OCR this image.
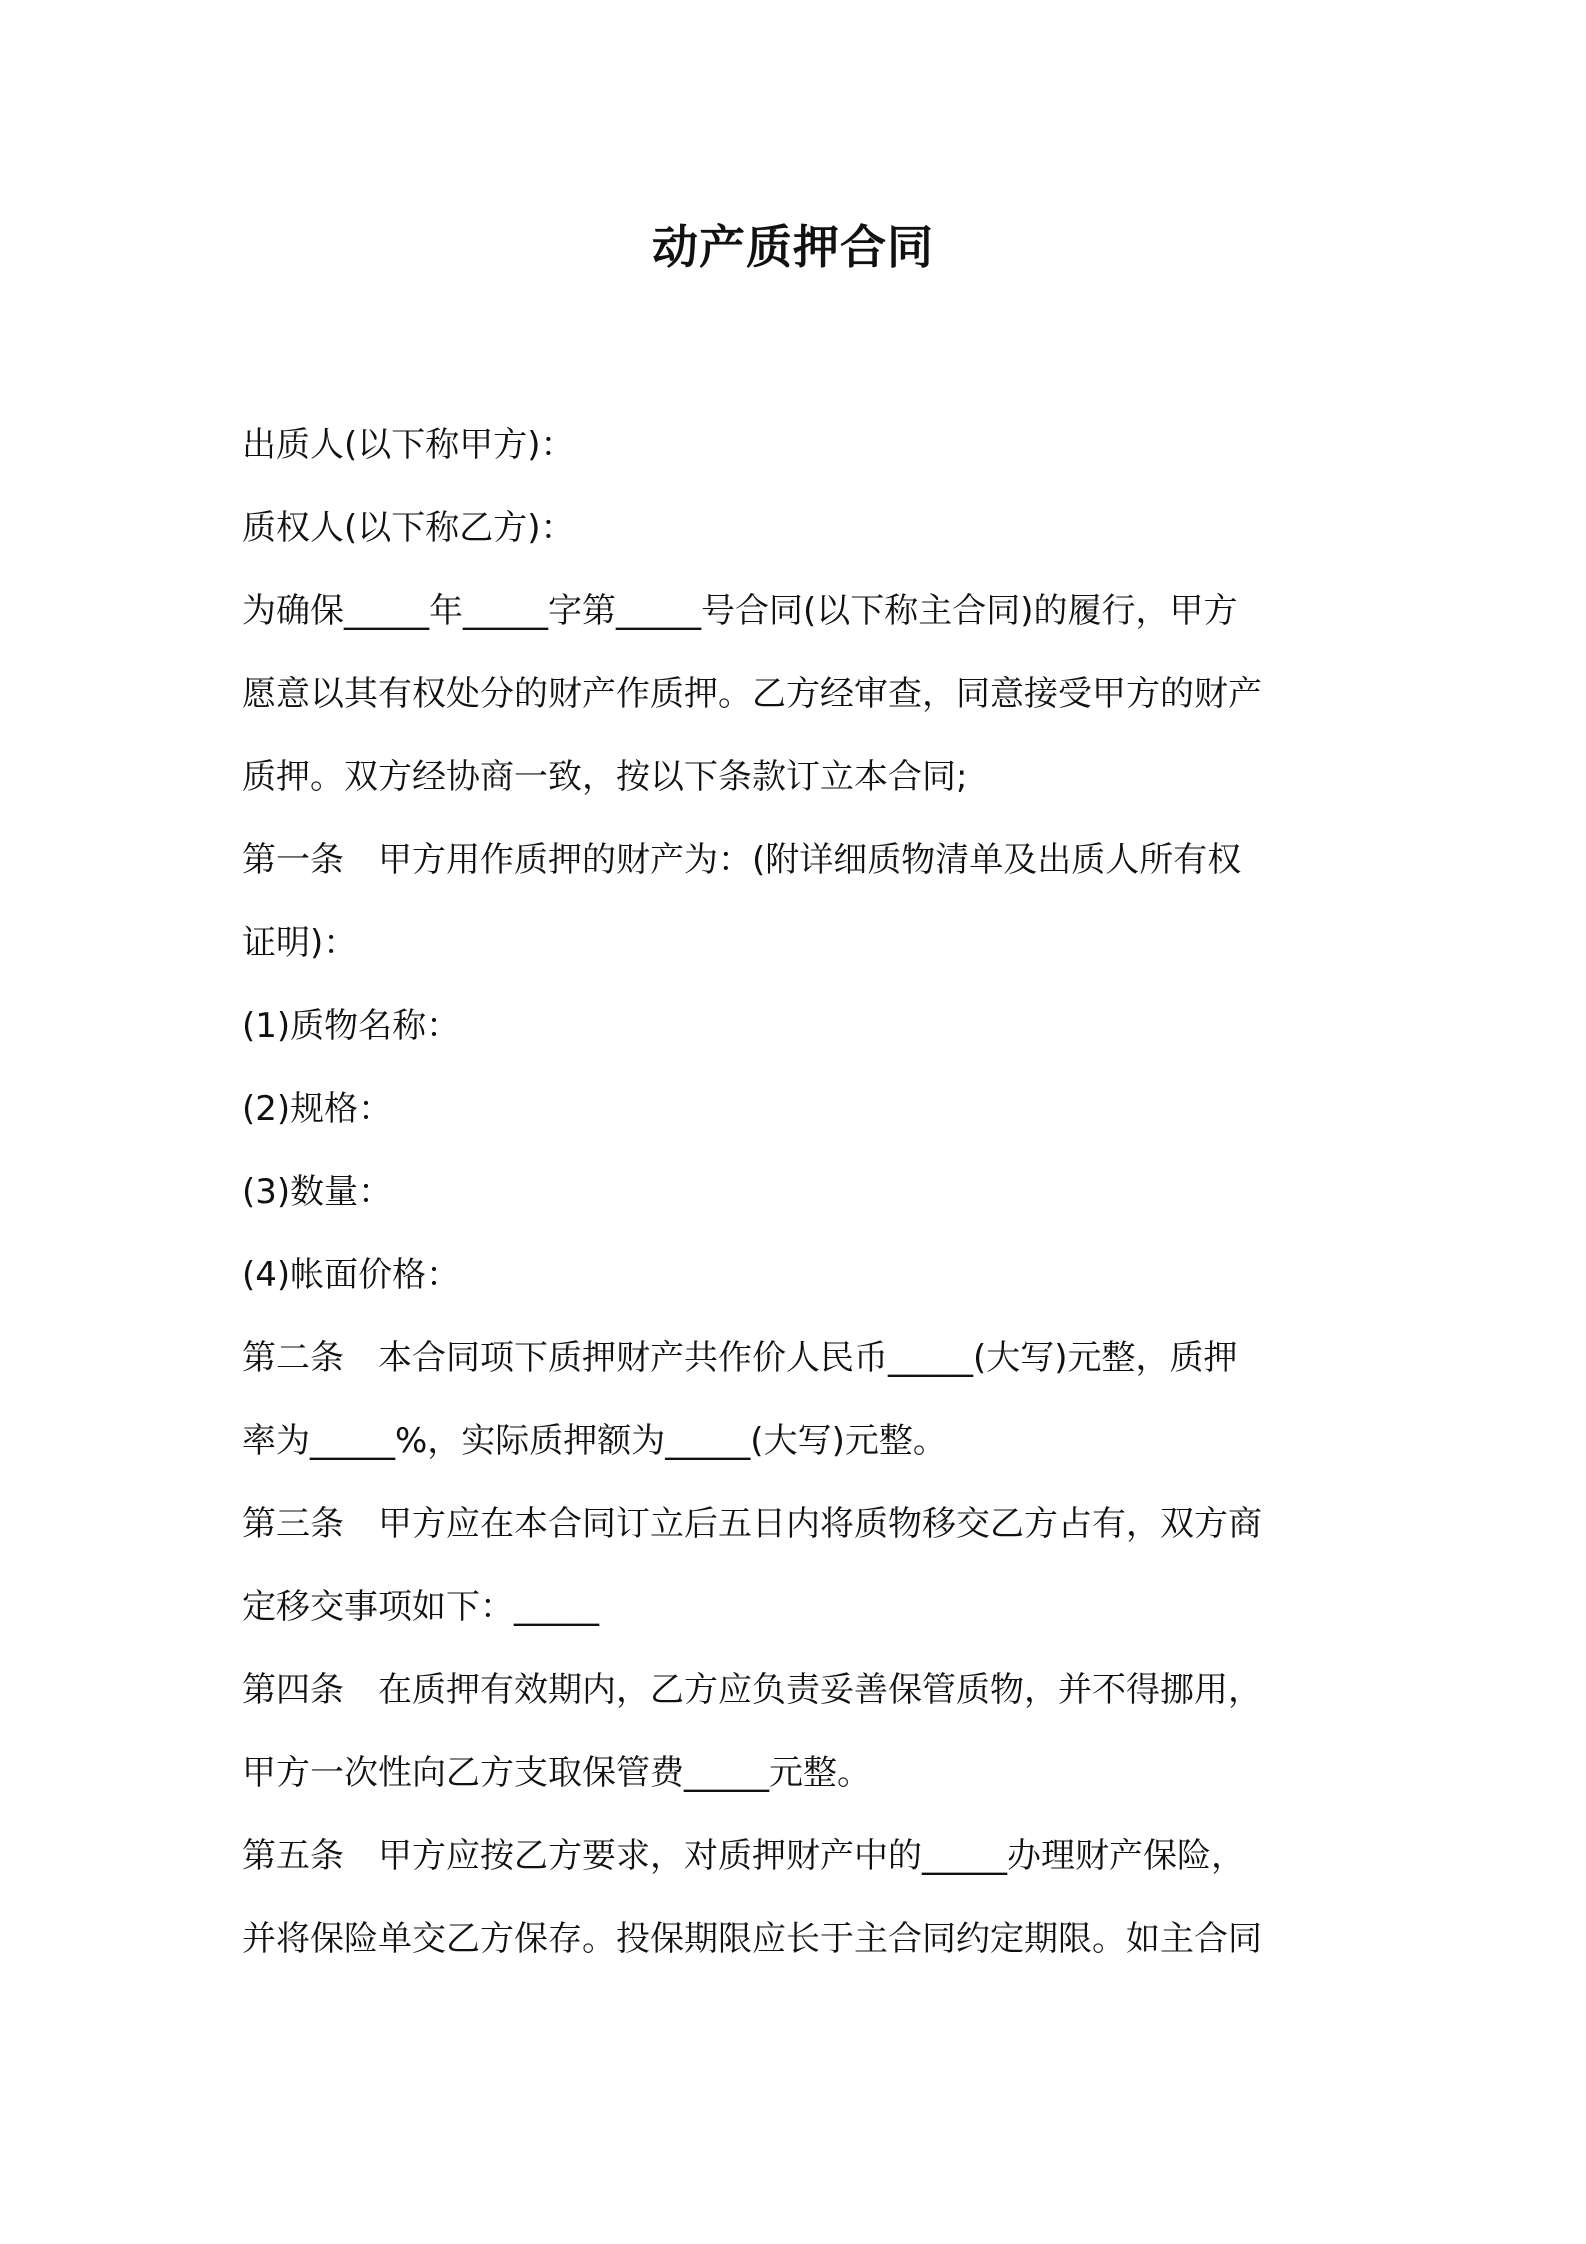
动产质押合同
出质人(以下称甲方)：
质权人(以下称乙方)：
为确保_____年_____字第_____号合同(以下称主合同)的履行，甲方
愿意以其有权处分的财产作质押。乙方经审查，同意接受甲方的财产
质押。双方经协商一致，按以下条款订立本合同;
第一条　甲方用作质押的财产为：(附详细质物清单及出质人所有权
证明)：
(1)质物名称：
(2)规格：
(3)数量：
(4)帐面价格：
第二条　本合同项下质押财产共作价人民币_____(大写)元整，质押
率为_____%，实际质押额为_____(大写)元整。
第三条　甲方应在本合同订立后五日内将质物移交乙方占有，双方商
定移交事项如下：_____
第四条　在质押有效期内，乙方应负责妥善保管质物，并不得挪用，
甲方一次性向乙方支取保管费_____元整。
第五条　甲方应按乙方要求，对质押财产中的_____办理财产保险，
并将保险单交乙方保存。投保期限应长于主合同约定期限。如主合同
